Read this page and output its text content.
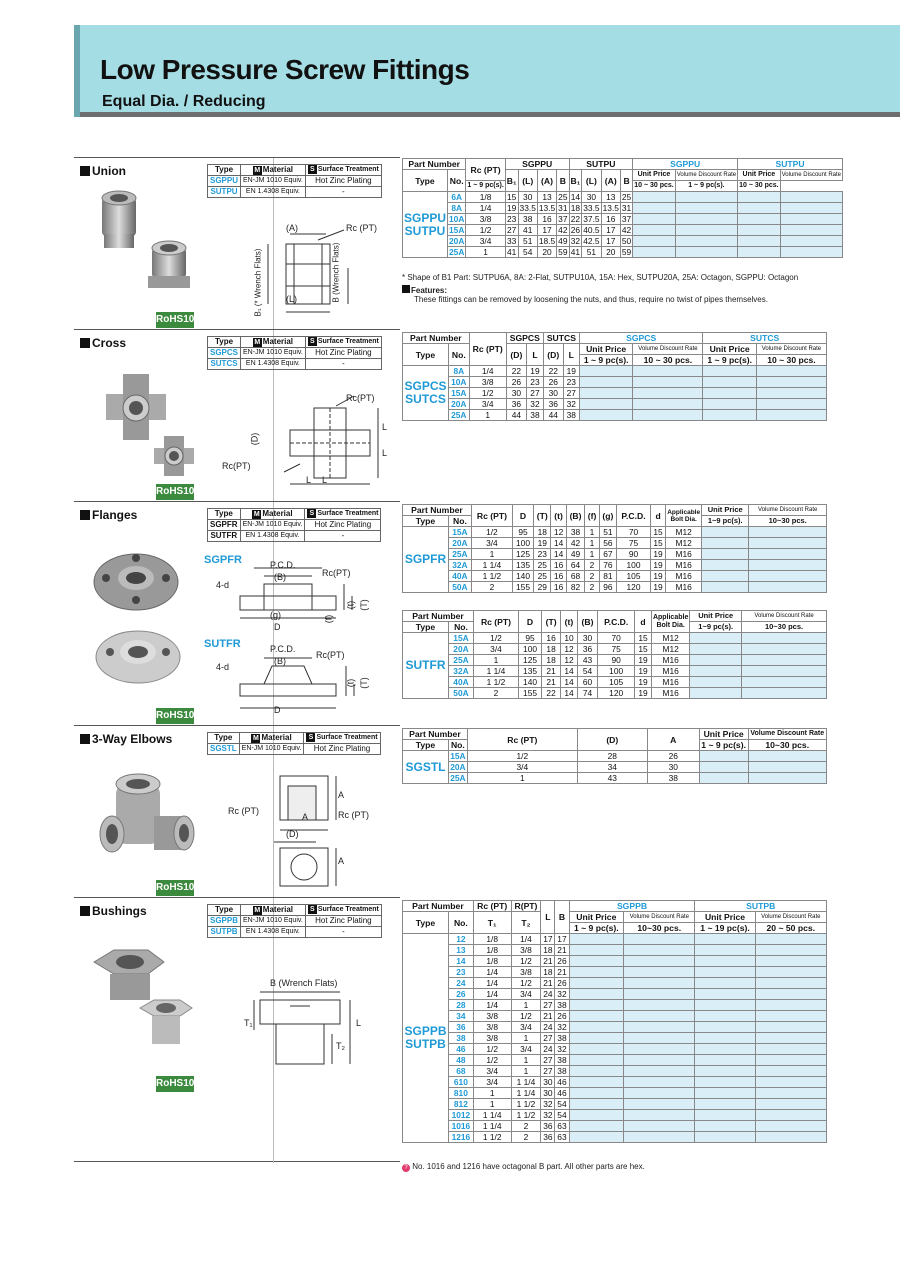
Low Pressure Screw Fittings
Equal Dia. / Reducing
Union
RoHS10
Type	M Material	S Surface Treatment
SGPPU	EN-JM 1010 Equiv.	Hot Zinc Plating
SUTPU	EN 1.4308 Equiv.	-
(A)	Rc (PT)
B₁ (* Wrench Flats)	B (Wrench Flats)
(L)
Part Number		Rc (PT)	SGPPU				SUTPU				SGPPU		SUTPU	
Type	No.		B₁	(L)	(A)	B	B₁	(L)	(A)	B	Unit Price	Volume Discount Rate	Unit Price	Volume Discount Rate
		1 ~ 9 pc(s).									10 ~ 30 pcs.	1 ~ 9 pc(s).	10 ~ 30 pcs.	
SGPPU SUTPU	6A	1/8	15	30	13	25	14	30	13	25				
	8A	1/4	19	33.5	13.5	31	18	33.5	13.5	31				
	10A	3/8	23	38	16	37	22	37.5	16	37				
	15A	1/2	27	41	17	42	26	40.5	17	42				
	20A	3/4	33	51	18.5	49	32	42.5	17	50				
	25A	1	41	54	20	59	41	51	20	59				
* Shape of B1 Part: SUTPU6A, 8A: 2-Flat, SUTPU10A, 15A: Hex, SUTPU20A, 25A: Octagon, SGPPU: Octagon
Features:
These fittings can be removed by loosening the nuts, and thus, require no twist of pipes themselves.
Cross
RoHS10
Type	M Material	S Surface Treatment
SGPCS	EN-JM 1010 Equiv.	Hot Zinc Plating
SUTCS	EN 1.4308 Equiv.	-
Rc(PT)
Rc(PT)
(D)
L L
L
L
Part Number		Rc (PT)	SGPCS		SUTCS		SGPCS		SUTCS	
Type	No.		(D)	L	(D)	L	Unit Price	Volume Discount Rate	Unit Price	Volume Discount Rate
							1 ~ 9 pc(s).	10 ~ 30 pcs.	1 ~ 9 pc(s).	10 ~ 30 pcs.
SGPCS SUTCS	8A	1/4	22	19	22	19				
	10A	3/8	26	23	26	23				
	15A	1/2	30	27	30	27				
	20A	3/4	36	32	36	32				
	25A	1	44	38	44	38				
Flanges
RoHS10
Type	M Material	S Surface Treatment
SGPFR	EN-JM 1010 Equiv.	Hot Zinc Plating
SUTFR	EN 1.4308 Equiv.	-
SGPFR
SUTFR
P.C.D.
(B)	Rc(PT)
4-d
(g)
D
(f)
(t) (T)
P.C.D.
(B)
Rc(PT)
4-d
D
(t) (T)
Part Number		Rc (PT)	D	(T)	(t)	(B)	(f)	(g)	P.C.D.	d	Applicable Bolt Dia.	Unit Price	Volume Discount Rate
Type	No.											1~9 pc(s).	10~30 pcs.
SGPFR	15A	1/2	95	18	12	38	1	51	70	15	M12		
	20A	3/4	100	19	14	42	1	56	75	15	M12		
	25A	1	125	23	14	49	1	67	90	19	M16		
	32A	1 1/4	135	25	16	64	2	76	100	19	M16		
	40A	1 1/2	140	25	16	68	2	81	105	19	M16		
	50A	2	155	29	16	82	2	96	120	19	M16		
Part Number		Rc (PT)	D	(T)	(t)	(B)	P.C.D.	d	Applicable Bolt Dia.	Unit Price	Volume Discount Rate
Type	No.									1~9 pc(s).	10~30 pcs.
SUTFR	15A	1/2	95	16	10	30	70	15	M12		
	20A	3/4	100	18	12	36	75	15	M12		
	25A	1	125	18	12	43	90	19	M16		
	32A	1 1/4	135	21	14	54	100	19	M16		
	40A	1 1/2	140	21	14	60	105	19	M16		
	50A	2	155	22	14	74	120	19	M16		
3-Way Elbows
RoHS10
Type	M Material	S Surface Treatment
SGSTL	EN-JM 1010 Equiv.	Hot Zinc Plating
Rc (PT)	Rc (PT)
A
A
A
(D)
Part Number		Rc (PT)	(D)	A	Unit Price	Volume Discount Rate
Type	No.				1 ~ 9 pc(s).	10~30 pcs.
SGSTL	15A	1/2	28	26		
	20A	3/4	34	30		
	25A	1	43	38		
Bushings
RoHS10
Type	M Material	S Surface Treatment
SGPPB	EN-JM 1010 Equiv.	Hot Zinc Plating
SUTPB	EN 1.4308 Equiv.	-
B (Wrench Flats)
T₁
T₂
L
Part Number		Rc (PT)	R(PT)	L	B	SGPPB		SUTPB	
Type	No.	T₁	T₂			Unit Price	Volume Discount Rate	Unit Price	Volume Discount Rate
						1 ~ 9 pc(s).	10~30 pcs.	1 ~ 19 pc(s).	20 ~ 50 pcs.
SGPPB SUTPB	12	1/8	1/4	17	17				
	13	1/8	3/8	18	21				
	14	1/8	1/2	21	26				
	23	1/4	3/8	18	21				
	24	1/4	1/2	21	26				
	26	1/4	3/4	24	32				
	28	1/4	1	27	38				
	34	3/8	1/2	21	26				
	36	3/8	3/4	24	32				
	38	3/8	1	27	38				
	46	1/2	3/4	24	32				
	48	1/2	1	27	38				
	68	3/4	1	27	38				
	610	3/4	1 1/4	30	46				
	810	1	1 1/4	30	46				
	812	1	1 1/2	32	54				
	1012	1 1/4	1 1/2	32	54				
	1016	1 1/4	2	36	63				
	1216	1 1/2	2	36	63				
? No. 1016 and 1216 have octagonal B part. All other parts are hex.
